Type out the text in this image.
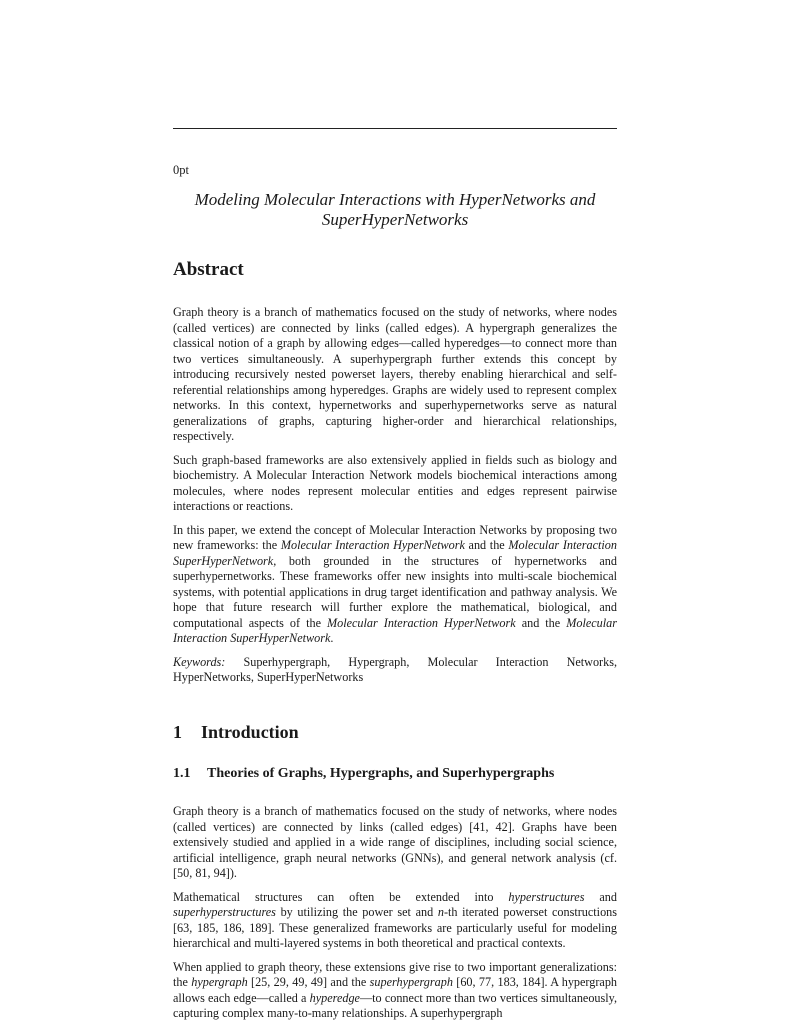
0pt
Modeling Molecular Interactions with HyperNetworks and
SuperHyperNetworks
Abstract

Graph theory is a branch of mathematics focused on the study of networks, where nodes (called vertices) are connected by links (called edges). A hypergraph generalizes the classical notion of a graph by allowing edges—called hyperedges—to connect more than two vertices simultaneously. A superhypergraph further extends this concept by introducing recursively nested powerset layers, thereby enabling hierarchical and self-referential relationships among hyperedges. Graphs are widely used to represent complex networks. In this context, hypernetworks and superhypernetworks serve as natural generalizations of graphs, capturing higher-order and hierarchical relationships, respectively.

Such graph-based frameworks are also extensively applied in fields such as biology and biochemistry. A Molecular Interaction Network models biochemical interactions among molecules, where nodes represent molecular entities and edges represent pairwise interactions or reactions.

In this paper, we extend the concept of Molecular Interaction Networks by proposing two new frameworks: the Molecular Interaction HyperNetwork and the Molecular Interaction SuperHyperNetwork, both grounded in the structures of hypernetworks and superhypernetworks. These frameworks offer new insights into multi-scale biochemical systems, with potential applications in drug target identification and pathway analysis. We hope that future research will further explore the mathematical, biological, and computational aspects of the Molecular Interaction HyperNetwork and the Molecular Interaction SuperHyperNetwork.

Keywords: Superhypergraph, Hypergraph, Molecular Interaction Networks, HyperNetworks, SuperHyperNetworks

1 Introduction
1.1 Theories of Graphs, Hypergraphs, and Superhypergraphs

Graph theory is a branch of mathematics focused on the study of networks, where nodes (called vertices) are connected by links (called edges) [41, 42]. Graphs have been extensively studied and applied in a wide range of disciplines, including social science, artificial intelligence, graph neural networks (GNNs), and general network analysis (cf. [50, 81, 94]).

Mathematical structures can often be extended into hyperstructures and superhyperstructures by utilizing the power set and n-th iterated powerset constructions [63, 185, 186, 189]. These generalized frameworks are particularly useful for modeling hierarchical and multi-layered systems in both theoretical and practical contexts.

When applied to graph theory, these extensions give rise to two important generalizations: the hypergraph [25, 29, 49, 49] and the superhypergraph [60, 77, 183, 184]. A hypergraph allows each edge—called a hyperedge—to connect more than two vertices simultaneously, capturing complex many-to-many relationships. A superhypergraph
